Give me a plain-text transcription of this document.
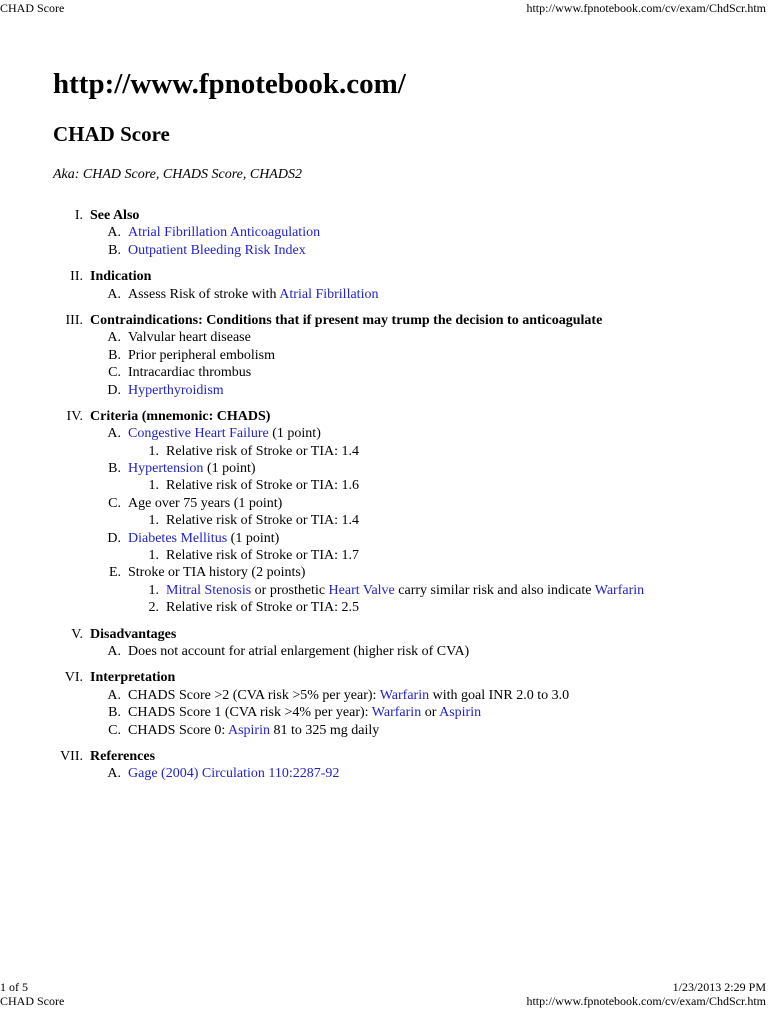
CHAD Score	http://www.fpnotebook.com/cv/exam/ChdScr.htm
http://www.fpnotebook.com/
CHAD Score

Aka: CHAD Score, CHADS Score, CHADS2

I. See Also
A. Atrial Fibrillation Anticoagulation
B. Outpatient Bleeding Risk Index
II. Indication
A. Assess Risk of stroke with Atrial Fibrillation
III. Contraindications: Conditions that if present may trump the decision to anticoagulate
A. Valvular heart disease
B. Prior peripheral embolism
C. Intracardiac thrombus
D. Hyperthyroidism
IV. Criteria (mnemonic: CHADS)
A. Congestive Heart Failure (1 point)
1. Relative risk of Stroke or TIA: 1.4
B. Hypertension (1 point)
1. Relative risk of Stroke or TIA: 1.6
C. Age over 75 years (1 point)
1. Relative risk of Stroke or TIA: 1.4
D. Diabetes Mellitus (1 point)
1. Relative risk of Stroke or TIA: 1.7
E. Stroke or TIA history (2 points)
1. Mitral Stenosis or prosthetic Heart Valve carry similar risk and also indicate Warfarin
2. Relative risk of Stroke or TIA: 2.5
V. Disadvantages
A. Does not account for atrial enlargement (higher risk of CVA)
VI. Interpretation
A. CHADS Score >2 (CVA risk >5% per year): Warfarin with goal INR 2.0 to 3.0
B. CHADS Score 1 (CVA risk >4% per year): Warfarin or Aspirin
C. CHADS Score 0: Aspirin 81 to 325 mg daily
VII. References
A. Gage (2004) Circulation 110:2287-92
1 of 5	1/23/2013 2:29 PM
CHAD Score	http://www.fpnotebook.com/cv/exam/ChdScr.htm
